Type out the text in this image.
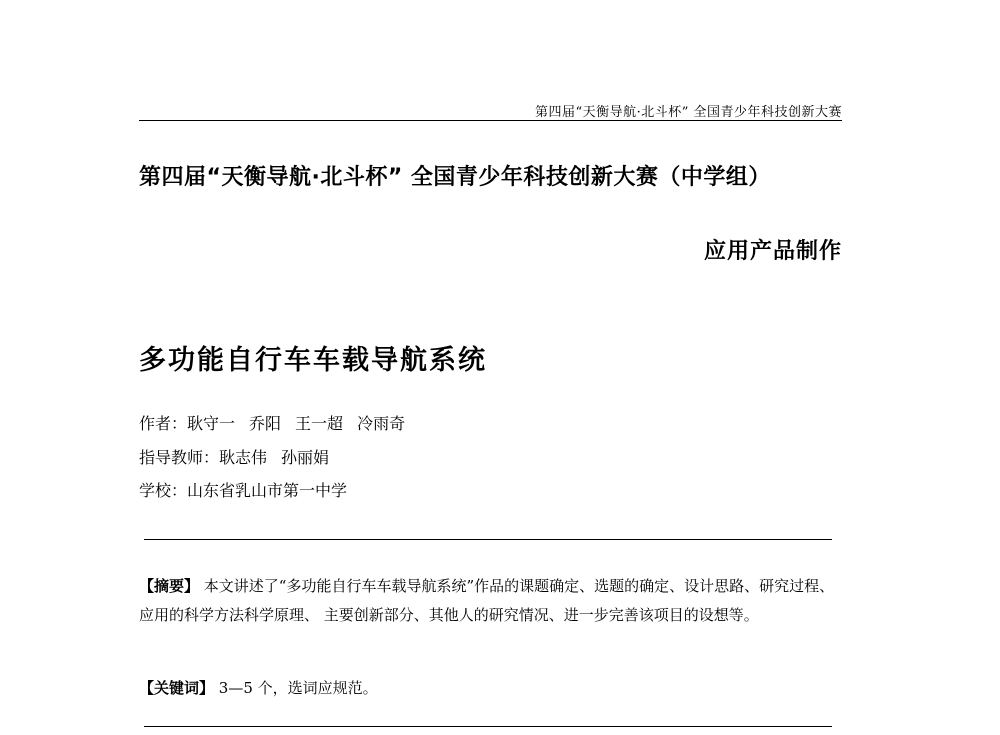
第四届“天衡导航·北斗杯” 全国青少年科技创新大赛
第四届“天衡导航·北斗杯” 全国青少年科技创新大赛（中学组）
应用产品制作
多功能自行车车载导航系统
作者：耿守一 乔阳 王一超 冷雨奇
指导教师：耿志伟 孙丽娟
学校：山东省乳山市第一中学
【摘要】 本文讲述了“多功能自行车车载导航系统”作品的课题确定、选题的确定、设计思路、研究过程、 应用的科学方法科学原理、 主要创新部分、其他人的研究情况、进一步完善该项目的设想等。
【关键词】 3—5 个，选词应规范。
